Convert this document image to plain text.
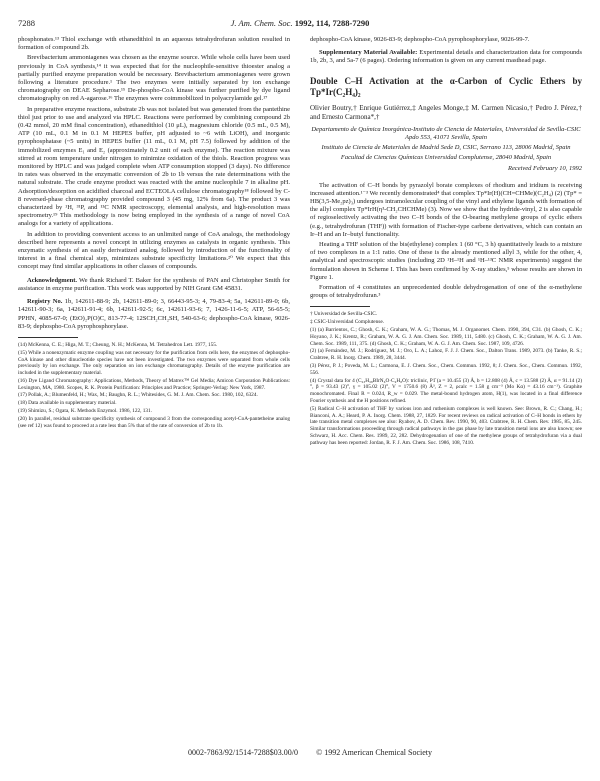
7288	J. Am. Chem. Soc. 1992, 114, 7288-7290

phosphonates.¹³ Thiol exchange with ethanedithiol in an aqueous tetrahydrofuran solution resulted in formation of compound 2b.

Brevibacterium ammoniagenes was chosen as the enzyme source. While whole cells have been used previously in CoA synthesis,¹⁴ it was expected that for the nucleophile-sensitive thioester analog a partially purified enzyme preparation would be necessary. Brevibacterium ammoniagenes were grown following a literature procedure.¹ The two enzymes were initially separated by ion exchange chromatography on DEAE Sepharose.¹⁵ De-phospho-CoA kinase was further purified by dye ligand chromatography on red A-agarose.¹⁶ The enzymes were coimmobilized in polyacrylamide gel.¹⁷

In preparative enzyme reactions, substrate 2b was not isolated but was generated from the pantethine thiol just prior to use and analyzed via HPLC. Reactions were performed by combining compound 2b (0.42 mmol, 20 mM final concentration), ethanedithiol (10 μL), magnesium chloride (0.5 mL, 0.5 M), ATP (10 mL, 0.1 M in 0.1 M HEPES buffer, pH adjusted to ~6 with LiOH), and inorganic pyrophosphatase (~5 units) in HEPES buffer (11 mL, 0.1 M, pH 7.5) followed by addition of the immobilized enzymes E₁ and E₂ (approximately 0.2 unit of each enzyme). The reaction mixture was stirred at room temperature under nitrogen to minimize oxidation of the thiols. Reaction progress was monitored by HPLC and was judged complete when ATP consumption stopped (3 days). No difference in rates was observed in the enzymatic conversion of 2b to 1b versus the rate determinations with the natural substrate. The crude enzyme product was reacted with the amine nucleophile 7 in alkaline pH. Adsorption/desorption on acidified charcoal and ECTEOLA cellulose chromatography¹⁸ followed by C-8 reversed-phase chromatography provided compound 3 (45 mg, 12% from 6a). The product 3 was characterized by ¹H, ³¹P, and ¹³C NMR spectroscopy, elemental analysis, and high-resolution mass spectrometry.¹⁹ This methodology is now being employed in the synthesis of a range of novel CoA analogs for a variety of applications.

In addition to providing convenient access to an unlimited range of CoA analogs, the methodology described here represents a novel concept in utilizing enzymes as catalysts in organic synthesis. This enzymatic synthesis of an easily derivatized analog, followed by introduction of the functionality of interest in a final chemical step, minimizes substrate specificity limitations.²⁰ We expect that this concept may find similar applications in other classes of compounds.

Acknowledgment. We thank Richard T. Baker for the synthesis of PAN and Christopher Smith for assistance in enzyme purification. This work was supported by NIH Grant GM 45831.

Registry No. 1b, 142611-88-9; 2b, 142611-89-0; 3, 66443-95-3; 4, 79-83-4; 5a, 142611-89-0; 6b, 142611-90-3; 6a, 142611-91-4; 6b, 142611-92-5; 6c, 142611-93-6; 7, 1426-11-6-5; ATP, 56-65-5; PPHN, 4085-67-0; (EtO)₂P(O)C, 813-77-4; 12SCH₂CH₂SH, 540-63-6; dephospho-CoA kinase, 9026-83-9; dephospho-CoA pyrophosphorylase.

(14) McKenna, C. E.; Higa, M. T.; Cheung, N. H.; McKenna, M. Tetrahedron Lett. 1977, 155.

(15) While a nonenzymatic enzyme coupling was not necessary for the purification from cells here, the enzymes of dephospho-CoA kinase and other dinucleotide species have not been investigated. The two enzymes were separated from whole cells previously by ion exchange. The only separation on ion exchange chromatography. Details of the enzyme purification are included in the supplementary material.

(16) Dye Ligand Chromatography: Applications, Methods, Theory of Matrex™ Gel Media; Amicon Corporation Publications: Lexington, MA, 1980. Scopes, R. K. Protein Purification: Principles and Practice; Springer-Verlag: New York, 1987.

(17) Pollak, A.; Blumenfeld, H.; Wax, M.; Baughn, R. L.; Whitesides, G. M. J. Am. Chem. Soc. 1980, 102, 6324.

(18) Data available in supplementary material.

(19) Shimizu, S.; Ogata, K. Methods Enzymol. 1986, 122, 131.

(20) In parallel, residual substrate specificity synthesis of compound 3 from the corresponding acetyl-CoA-pantetheine analog (see ref 12) was found to proceed at a rate less than 5% that of the rate of conversion of 2b to 1b.

dephospho-CoA kinase, 9026-83-9; dephospho-CoA pyrophosphorylase, 9026-99-7.

Supplementary Material Available: Experimental details and characterization data for compounds 1b, 2b, 3, and 5a-7 (6 pages). Ordering information is given on any current masthead page.

Double C–H Activation at the α-Carbon of Cyclic Ethers by Tp*Ir(C₂H₄)₂
Olivier Boutry,† Enrique Gutiérrez,‡ Angeles Monge,‡ M. Carmen Nicasio,† Pedro J. Pérez,† and Ernesto Carmona*,†
Departamento de Química Inorgánica-Instituto de Ciencia de Materiales, Universidad de Sevilla-CSIC Apdo 553, 41071 Sevilla, Spain
Instituto de Ciencia de Materiales de Madrid Sede D, CSIC, Serrano 113, 28006 Madrid, Spain
Facultad de Ciencias Químicas Universidad Complutense, 28040 Madrid, Spain
Received February 10, 1992

The activation of C–H bonds by pyrazolyl borate complexes of rhodium and iridium is receiving increased attention.¹⁻³ We recently demonstrated⁴ that complex Tp*Ir(H)(CH=CHMe)(C₂H₄) (2) (Tp* = HB(3,5-Me₂pz)₃) undergoes intramolecular coupling of the vinyl and ethylene ligands with formation of the allyl complex Tp*IrH(η³-CH₂CHCHMe) (3). Now we show that the hydride-vinyl, 2 is also capable of regioselectively activating the two C–H bonds of the O-bearing methylene groups of cyclic ethers (e.g., tetrahydrofuran (THF)) with formation of Fischer-type carbene derivatives, which can contain an Ir–H and an Ir–butyl functionality.

Heating a THF solution of the bis(ethylene) complex 1 (60 °C, 3 h) quantitatively leads to a mixture of two complexes in a 1:1 ratio. One of these is the already mentioned allyl 3, while for the other, 4, analytical and spectroscopic studies (including 2D ¹H–¹H and ¹H–¹³C NMR experiments) suggest the formulation shown in Scheme I. This has been confirmed by X-ray studies,⁵ whose results are shown in Figure 1.

Formation of 4 constitutes an unprecedented double dehydrogenation of one of the α-methylene groups of tetrahydrofuran.³

† Universidad de Sevilla-CSIC.

‡ CSIC-Universidad Complutense.

(1) (a) Barrientos, C.; Ghosh, C. K.; Graham, W. A. G.; Thomas, M. J. Organomet. Chem. 1990, 394, C31. (b) Ghosh, C. K.; Hoyano, J. K.; Krentz, R.; Graham, W. A. G. J. Am. Chem. Soc. 1989, 111, 5480. (c) Ghosh, C. K.; Graham, W. A. G. J. Am. Chem. Soc. 1989, 111, 375. (d) Ghosh, C. K.; Graham, W. A. G. J. Am. Chem. Soc. 1987, 109, 4726.

(2) (a) Fernández, M. J.; Rodríguez, M. J.; Oro, L. A.; Lahoz, F. J. J. Chem. Soc., Dalton Trans. 1989, 2073. (b) Tanke, R. S.; Crabtree, R. H. Inorg. Chem. 1989, 28, 3444.

(3) Pérez, P. J.; Poveda, M. L.; Carmona, E. J. Chem. Soc., Chem. Commun. 1992, 8; J. Chem. Soc., Chem. Commun. 1992, 556.

(4) Crystal data for 4 (C₂₃H₃₈BIrN₆O·C₄H₈O): triclinic, P1̄ (a = 10.455 (3) Å, b = 12.808 (4) Å, c = 13.588 (2) Å, α = 91.14 (2)°, β = 93.43 (2)°, γ = 105.02 (2)°, V = 1750.6 (8) Å³, Z = 2, ρcalc = 1.58 g cm⁻³ (Mo Kα) = 43.16 cm⁻¹). Graphite monochromated. Final R = 0.024, R_w = 0.029. The metal-bound hydrogen atom, H(1), was located in a final difference Fourier synthesis and the H positions refined.

(5) Radical C–H activation of THF by various iron and ruthenium complexes is well known. See: Brown, R. C.; Chang, H.; Bianconi, A. A.; Heard, P. A. Inorg. Chem. 1988, 27, 1829. For recent reviews on radical activation of C–H bonds in ethers by late transition metal complexes see also: Ryabov, A. D. Chem. Rev. 1990, 90, 403. Crabtree, R. H. Chem. Rev. 1985, 85, 245. Similar transformations proceeding through radical pathways in the gas phase by late transition metal ions are also known; see Schwarz, H. Acc. Chem. Res. 1989, 22, 282. Dehydrogenation of one of the methylene groups of tetrahydrofuran via a dual pathway has been reported: Jordan, R. F. J. Am. Chem. Soc. 1986, 108, 7410.

0002-7863/92/1514-7288$03.00/0 © 1992 American Chemical Society
